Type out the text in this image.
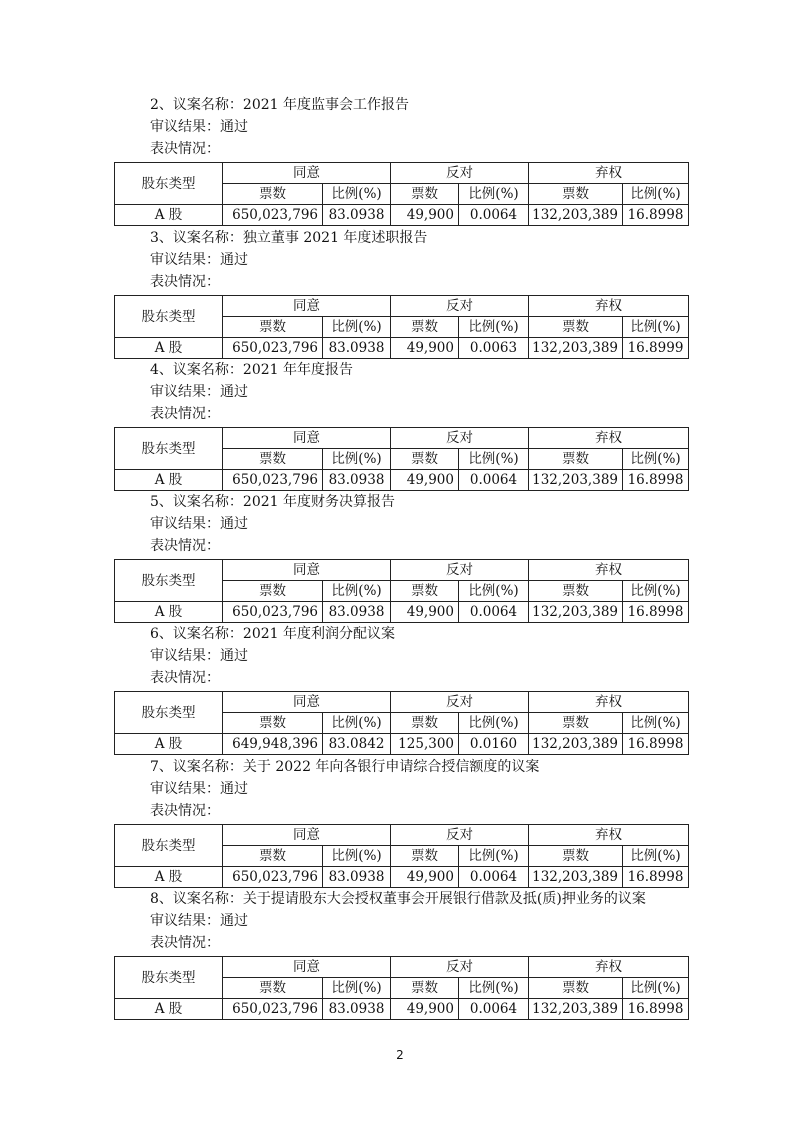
2、议案名称：2021 年度监事会工作报告
审议结果：通过
表决情况：
股东类型	同意		反对		弃权	
	票数	比例(%)	票数	比例(%)	票数	比例(%)
A 股	650,023,796	83.0938	49,900	0.0064	132,203,389	16.8998
3、议案名称：独立董事 2021 年度述职报告
审议结果：通过
表决情况：
股东类型	同意		反对		弃权	
	票数	比例(%)	票数	比例(%)	票数	比例(%)
A 股	650,023,796	83.0938	49,900	0.0063	132,203,389	16.8999
4、议案名称：2021 年年度报告
审议结果：通过
表决情况：
股东类型	同意		反对		弃权	
	票数	比例(%)	票数	比例(%)	票数	比例(%)
A 股	650,023,796	83.0938	49,900	0.0064	132,203,389	16.8998
5、议案名称：2021 年度财务决算报告
审议结果：通过
表决情况：
股东类型	同意		反对		弃权	
	票数	比例(%)	票数	比例(%)	票数	比例(%)
A 股	650,023,796	83.0938	49,900	0.0064	132,203,389	16.8998
6、议案名称：2021 年度利润分配议案
审议结果：通过
表决情况：
股东类型	同意		反对		弃权	
	票数	比例(%)	票数	比例(%)	票数	比例(%)
A 股	649,948,396	83.0842	125,300	0.0160	132,203,389	16.8998
7、议案名称：关于 2022 年向各银行申请综合授信额度的议案
审议结果：通过
表决情况：
股东类型	同意		反对		弃权	
	票数	比例(%)	票数	比例(%)	票数	比例(%)
A 股	650,023,796	83.0938	49,900	0.0064	132,203,389	16.8998
8、议案名称：关于提请股东大会授权董事会开展银行借款及抵(质)押业务的议案
审议结果：通过
表决情况：
股东类型	同意		反对		弃权	
	票数	比例(%)	票数	比例(%)	票数	比例(%)
A 股	650,023,796	83.0938	49,900	0.0064	132,203,389	16.8998
2
